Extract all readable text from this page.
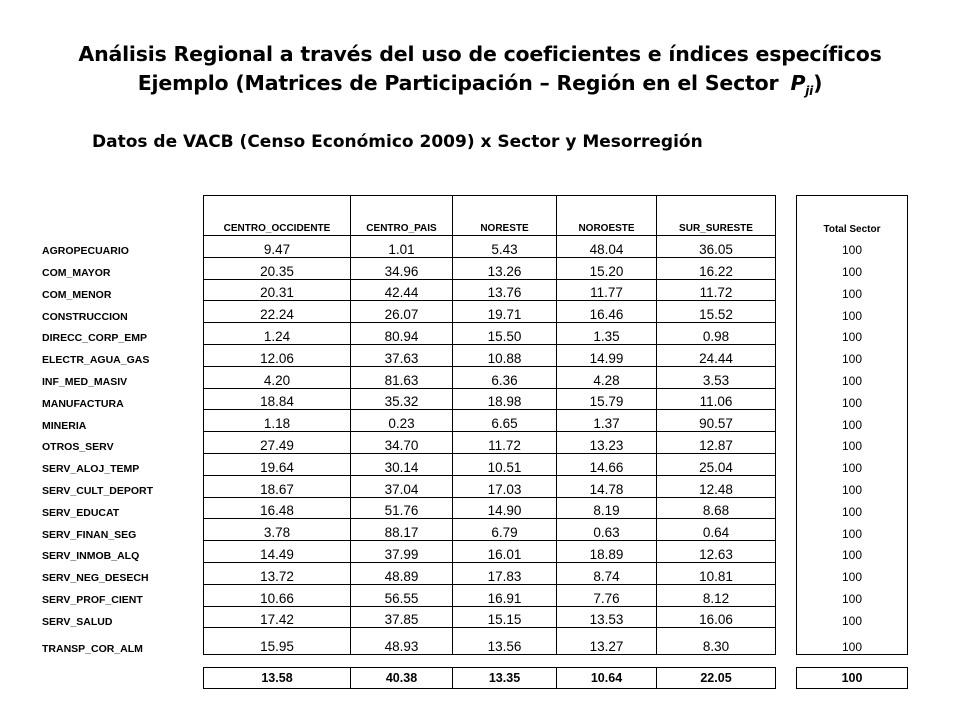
Análisis Regional a través del uso de coeficientes e índices específicos
Ejemplo (Matrices de Participación – Región en el Sector $P_{ji}$)
Datos de VACB (Censo Económico 2009) x Sector y Mesorregión
	CENTRO_OCCIDENTE	CENTRO_PAIS	NORESTE	NOROESTE	SUR_SURESTE		Total Sector
AGROPECUARIO	9.47	1.01	5.43	48.04	36.05		100
COM_MAYOR	20.35	34.96	13.26	15.20	16.22		100
COM_MENOR	20.31	42.44	13.76	11.77	11.72		100
CONSTRUCCION	22.24	26.07	19.71	16.46	15.52		100
DIRECC_CORP_EMP	1.24	80.94	15.50	1.35	0.98		100
ELECTR_AGUA_GAS	12.06	37.63	10.88	14.99	24.44		100
INF_MED_MASIV	4.20	81.63	6.36	4.28	3.53		100
MANUFACTURA	18.84	35.32	18.98	15.79	11.06		100
MINERIA	1.18	0.23	6.65	1.37	90.57		100
OTROS_SERV	27.49	34.70	11.72	13.23	12.87		100
SERV_ALOJ_TEMP	19.64	30.14	10.51	14.66	25.04		100
SERV_CULT_DEPORT	18.67	37.04	17.03	14.78	12.48		100
SERV_EDUCAT	16.48	51.76	14.90	8.19	8.68		100
SERV_FINAN_SEG	3.78	88.17	6.79	0.63	0.64		100
SERV_INMOB_ALQ	14.49	37.99	16.01	18.89	12.63		100
SERV_NEG_DESECH	13.72	48.89	17.83	8.74	10.81		100
SERV_PROF_CIENT	10.66	56.55	16.91	7.76	8.12		100
SERV_SALUD	17.42	37.85	15.15	13.53	16.06		100
TRANSP_COR_ALM	15.95	48.93	13.56	13.27	8.30		100

	13.58	40.38	13.35	10.64	22.05		100
